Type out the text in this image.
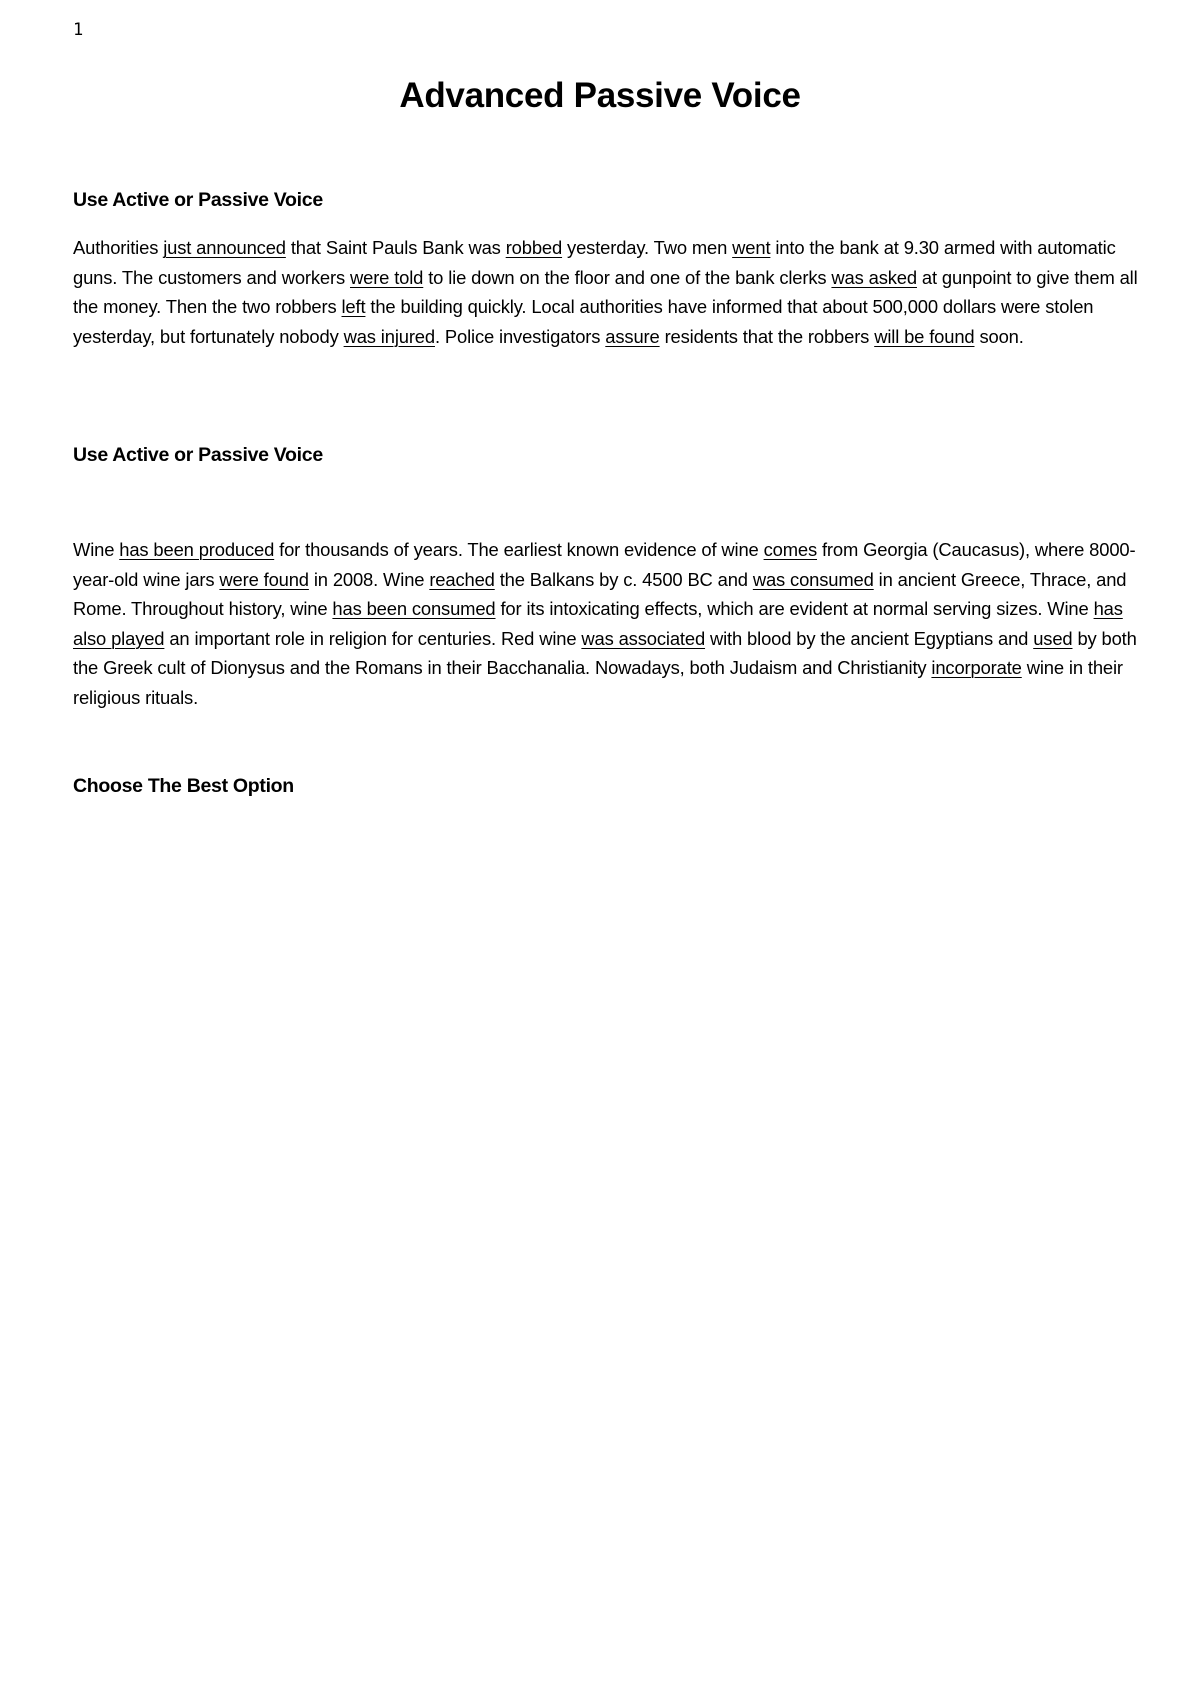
1
Advanced Passive Voice
Use Active or Passive Voice

Authorities just announced that Saint Pauls Bank was robbed yesterday. Two men went into the bank at 9.30 armed with automatic guns. The customers and workers were told to lie down on the floor and one of the bank clerks was asked at gunpoint to give them all the money. Then the two robbers left the building quickly. Local authorities have informed that about 500,000 dollars were stolen yesterday, but fortunately nobody was injured. Police investigators assure residents that the robbers will be found soon.

Use Active or Passive Voice

Wine has been produced for thousands of years. The earliest known evidence of wine comes from Georgia (Caucasus), where 8000-year-old wine jars were found in 2008. Wine reached the Balkans by c. 4500 BC and was consumed in ancient Greece, Thrace, and Rome. Throughout history, wine has been consumed for its intoxicating effects, which are evident at normal serving sizes. Wine has also played an important role in religion for centuries. Red wine was associated with blood by the ancient Egyptians and used by both the Greek cult of Dionysus and the Romans in their Bacchanalia. Nowadays, both Judaism and Christianity incorporate wine in their religious rituals.

Choose The Best Option
